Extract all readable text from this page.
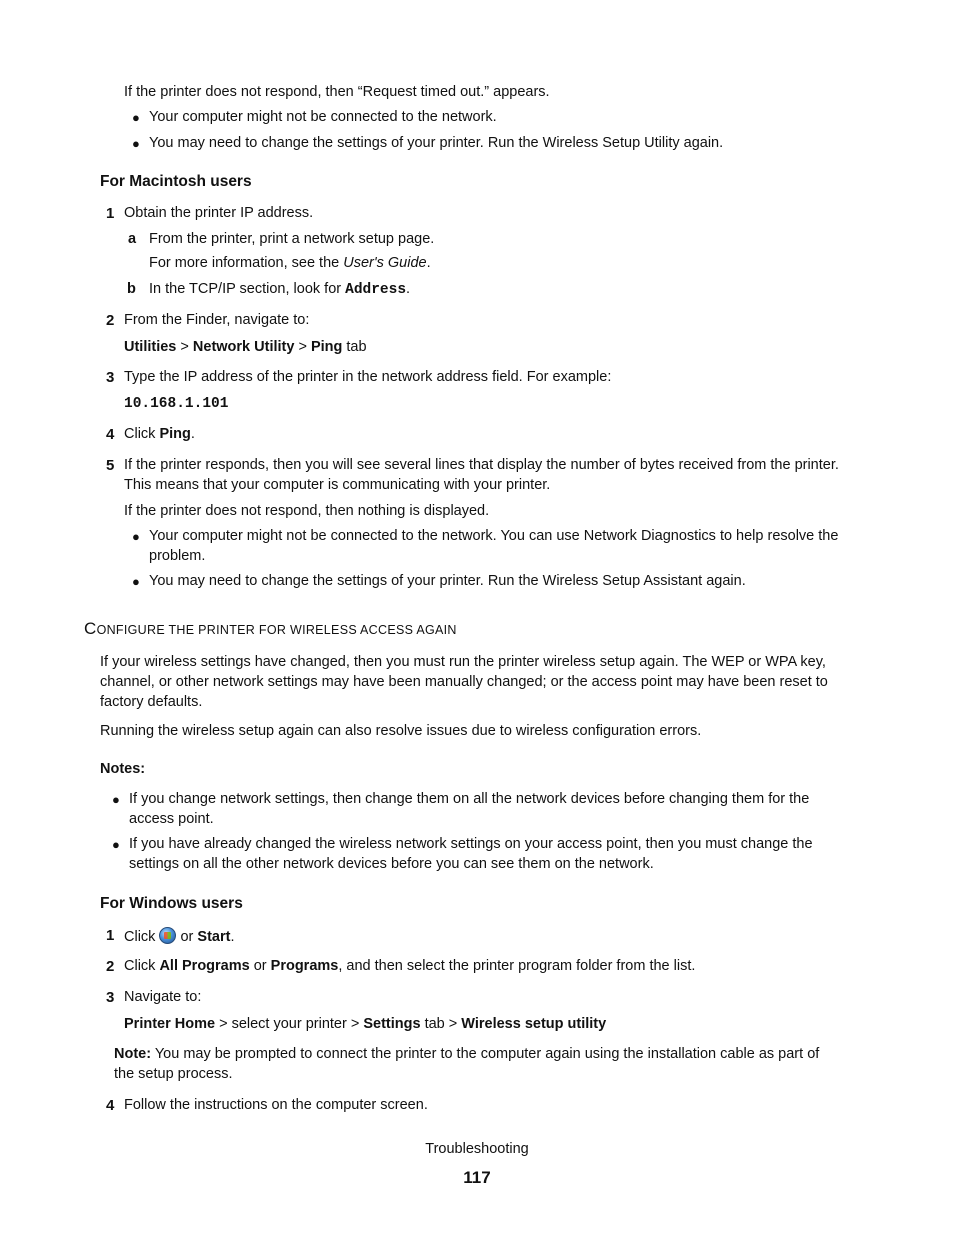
If the printer does not respond, then “Request timed out.” appears.
● Your computer might not be connected to the network.
● You may need to change the settings of your printer. Run the Wireless Setup Utility again.
For Macintosh users
1 Obtain the printer IP address.
a From the printer, print a network setup page.
For more information, see the User's Guide.
b In the TCP/IP section, look for Address.
2 From the Finder, navigate to:
Utilities > Network Utility > Ping tab
3 Type the IP address of the printer in the network address field. For example:
10.168.1.101
4 Click Ping.
5 If the printer responds, then you will see several lines that display the number of bytes received from the printer.
This means that your computer is communicating with your printer.
If the printer does not respond, then nothing is displayed.
● Your computer might not be connected to the network. You can use Network Diagnostics to help resolve the
problem.
● You may need to change the settings of your printer. Run the Wireless Setup Assistant again.
CONFIGURE THE PRINTER FOR WIRELESS ACCESS AGAIN
If your wireless settings have changed, then you must run the printer wireless setup again. The WEP or WPA key,
channel, or other network settings may have been manually changed; or the access point may have been reset to
factory defaults.
Running the wireless setup again can also resolve issues due to wireless configuration errors.
Notes:
● If you change network settings, then change them on all the network devices before changing them for the
access point.
● If you have already changed the wireless network settings on your access point, then you must change the
settings on all the other network devices before you can see them on the network.
For Windows users
1 Click  or Start.
2 Click All Programs or Programs, and then select the printer program folder from the list.
3 Navigate to:
Printer Home > select your printer > Settings tab > Wireless setup utility
Note: You may be prompted to connect the printer to the computer again using the installation cable as part of
the setup process.
4 Follow the instructions on the computer screen.
Troubleshooting
117
